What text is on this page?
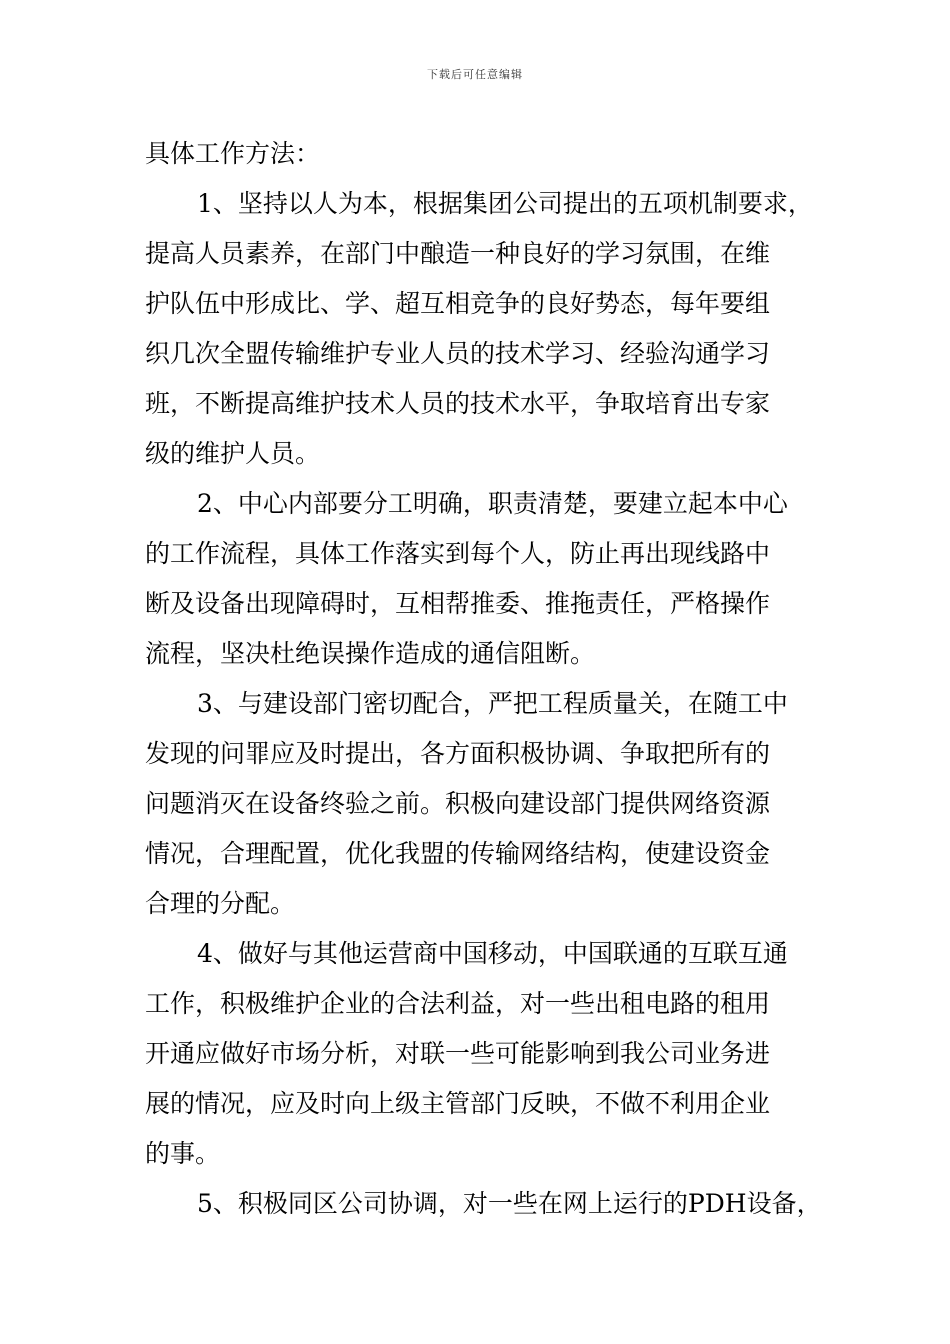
下载后可任意编辑
具体工作方法：
1、坚持以人为本，根据集团公司提出的五项机制要求，
提高人员素养，在部门中酿造一种良好的学习氛围，在维
护队伍中形成比、学、超互相竞争的良好势态，每年要组
织几次全盟传输维护专业人员的技术学习、经验沟通学习
班，不断提高维护技术人员的技术水平，争取培育出专家
级的维护人员。
2、中心内部要分工明确，职责清楚，要建立起本中心
的工作流程，具体工作落实到每个人，防止再出现线路中
断及设备出现障碍时，互相帮推委、推拖责任，严格操作
流程，坚决杜绝误操作造成的通信阻断。
3、与建设部门密切配合，严把工程质量关，在随工中
发现的问罪应及时提出，各方面积极协调、争取把所有的
问题消灭在设备终验之前。积极向建设部门提供网络资源
情况，合理配置，优化我盟的传输网络结构，使建设资金
合理的分配。
4、做好与其他运营商中国移动，中国联通的互联互通
工作，积极维护企业的合法利益，对一些出租电路的租用
开通应做好市场分析，对联一些可能影响到我公司业务进
展的情况，应及时向上级主管部门反映，不做不利用企业
的事。
5、积极同区公司协调，对一些在网上运行的PDH设备，
